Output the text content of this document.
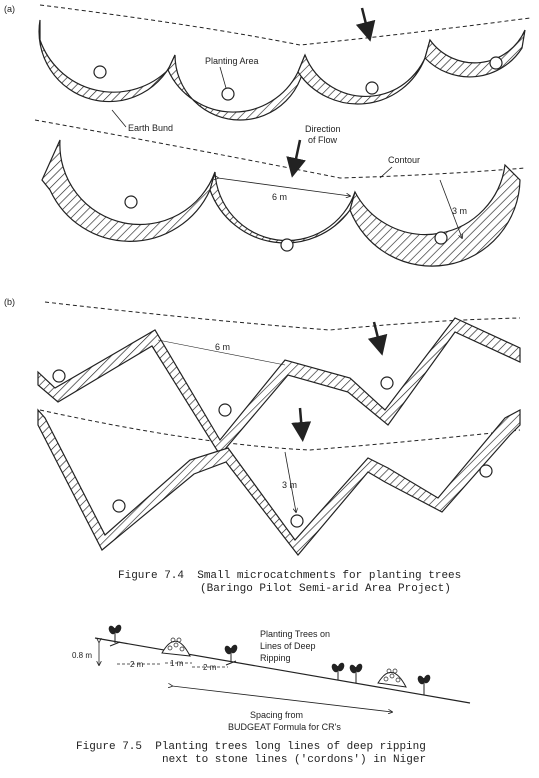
(a)
Planting Area
Earth Bund	Direction
of Flow
Contour
6 m
3 m
(b)
6 m
3 m
0.8 m
2 m	1 m 2 m
Planting Trees on
Lines of Deep
Ripping
Spacing from
BUDGEAT Formula for CR's
Figure 7.4  Small microcatchments for planting trees
(Baringo Pilot Semi-arid Area Project)
Figure 7.5  Planting trees long lines of deep ripping
next to stone lines ('cordons') in Niger
